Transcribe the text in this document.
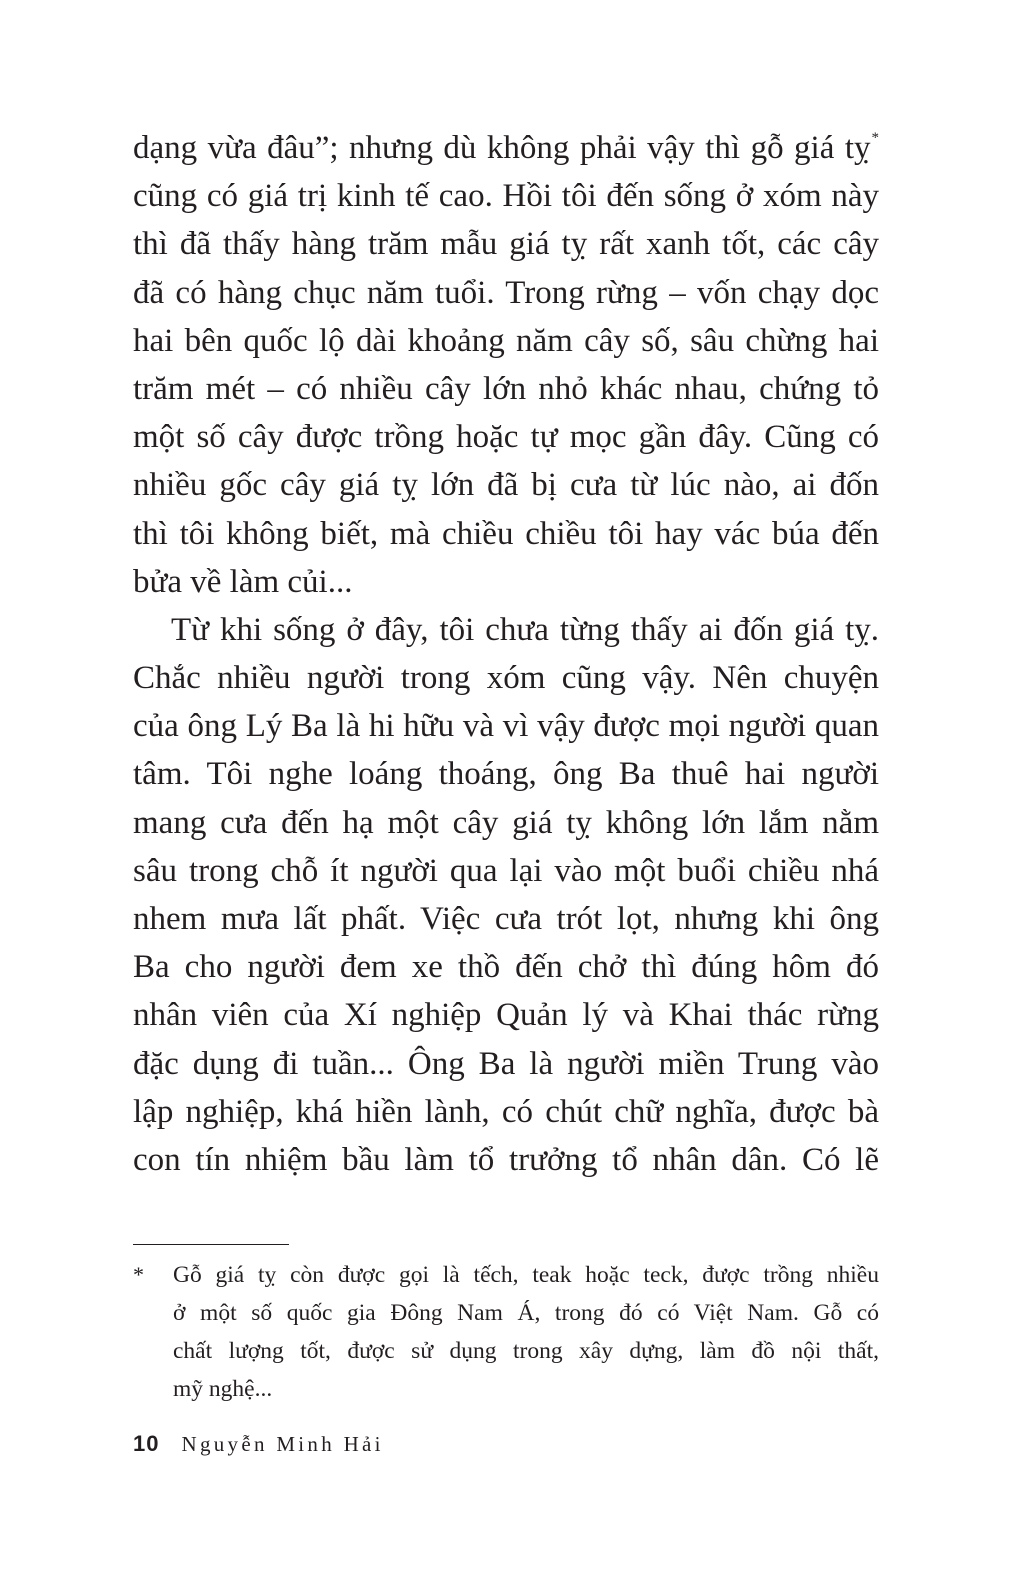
dạng vừa đâu”; nhưng dù không phải vậy thì gỗ giá tỵ*
cũng có giá trị kinh tế cao. Hồi tôi đến sống ở xóm này
thì đã thấy hàng trăm mẫu giá tỵ rất xanh tốt, các cây
đã có hàng chục năm tuổi. Trong rừng – vốn chạy dọc
hai bên quốc lộ dài khoảng năm cây số, sâu chừng hai
trăm mét – có nhiều cây lớn nhỏ khác nhau, chứng tỏ
một số cây được trồng hoặc tự mọc gần đây. Cũng có
nhiều gốc cây giá tỵ lớn đã bị cưa từ lúc nào, ai đốn
thì tôi không biết, mà chiều chiều tôi hay vác búa đến
bửa về làm củi...
Từ khi sống ở đây, tôi chưa từng thấy ai đốn giá tỵ.
Chắc nhiều người trong xóm cũng vậy. Nên chuyện
của ông Lý Ba là hi hữu và vì vậy được mọi người quan
tâm. Tôi nghe loáng thoáng, ông Ba thuê hai người
mang cưa đến hạ một cây giá tỵ không lớn lắm nằm
sâu trong chỗ ít người qua lại vào một buổi chiều nhá
nhem mưa lất phất. Việc cưa trót lọt, nhưng khi ông
Ba cho người đem xe thồ đến chở thì đúng hôm đó
nhân viên của Xí nghiệp Quản lý và Khai thác rừng
đặc dụng đi tuần... Ông Ba là người miền Trung vào
lập nghiệp, khá hiền lành, có chút chữ nghĩa, được bà
con tín nhiệm bầu làm tổ trưởng tổ nhân dân. Có lẽ
* Gỗ giá tỵ còn được gọi là tếch, teak hoặc teck, được trồng nhiều
ở một số quốc gia Đông Nam Á, trong đó có Việt Nam. Gỗ có
chất lượng tốt, được sử dụng trong xây dựng, làm đồ nội thất,
mỹ nghệ...
10 Nguyễn Minh Hải
